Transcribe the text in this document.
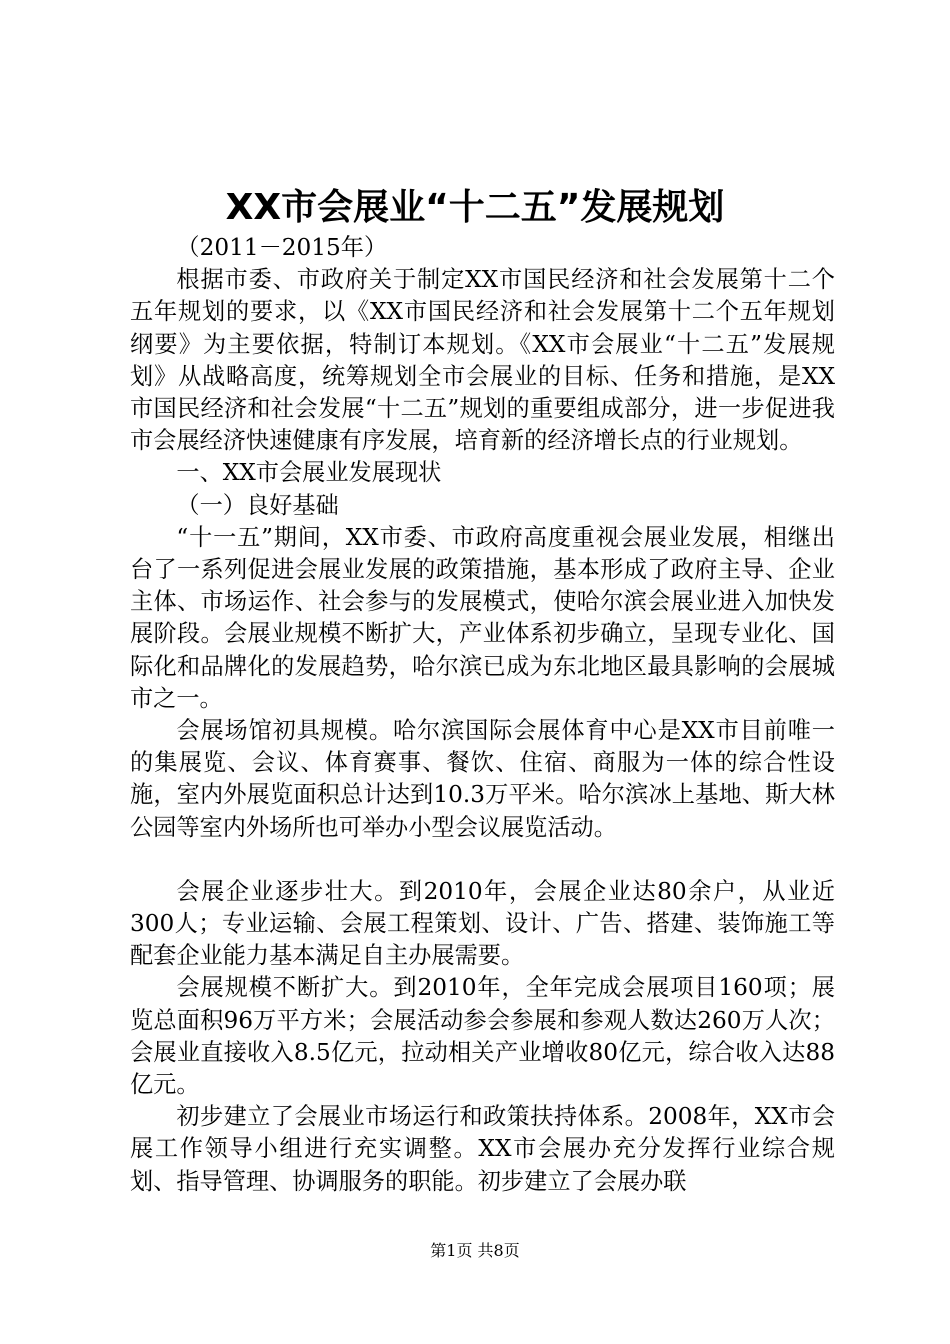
XX市会展业“十二五”发展规划

（2011－2015年）

根据市委、市政府关于制定XX市国民经济和社会发展第十二个五年规划的要求，以《XX市国民经济和社会发展第十二个五年规划纲要》为主要依据，特制订本规划。《XX市会展业“十二五”发展规划》从战略高度，统筹规划全市会展业的目标、任务和措施，是XX市国民经济和社会发展“十二五”规划的重要组成部分，进一步促进我市会展经济快速健康有序发展，培育新的经济增长点的行业规划。

一、XX市会展业发展现状

（一）良好基础

“十一五”期间，XX市委、市政府高度重视会展业发展，相继出台了一系列促进会展业发展的政策措施，基本形成了政府主导、企业主体、市场运作、社会参与的发展模式，使哈尔滨会展业进入加快发展阶段。会展业规模不断扩大，产业体系初步确立，呈现专业化、国际化和品牌化的发展趋势，哈尔滨已成为东北地区最具影响的会展城市之一。

会展场馆初具规模。哈尔滨国际会展体育中心是XX市目前唯一的集展览、会议、体育赛事、餐饮、住宿、商服为一体的综合性设施，室内外展览面积总计达到10.3万平米。哈尔滨冰上基地、斯大林公园等室内外场所也可举办小型会议展览活动。

会展企业逐步壮大。到2010年，会展企业达80余户，从业近300人；专业运输、会展工程策划、设计、广告、搭建、装饰施工等配套企业能力基本满足自主办展需要。

会展规模不断扩大。到2010年，全年完成会展项目160项；展览总面积96万平方米；会展活动参会参展和参观人数达260万人次；会展业直接收入8.5亿元，拉动相关产业增收80亿元，综合收入达88亿元。

初步建立了会展业市场运行和政策扶持体系。2008年，XX市会展工作领导小组进行充实调整。XX市会展办充分发挥行业综合规划、指导管理、协调服务的职能。初步建立了会展办联

第1页 共8页
